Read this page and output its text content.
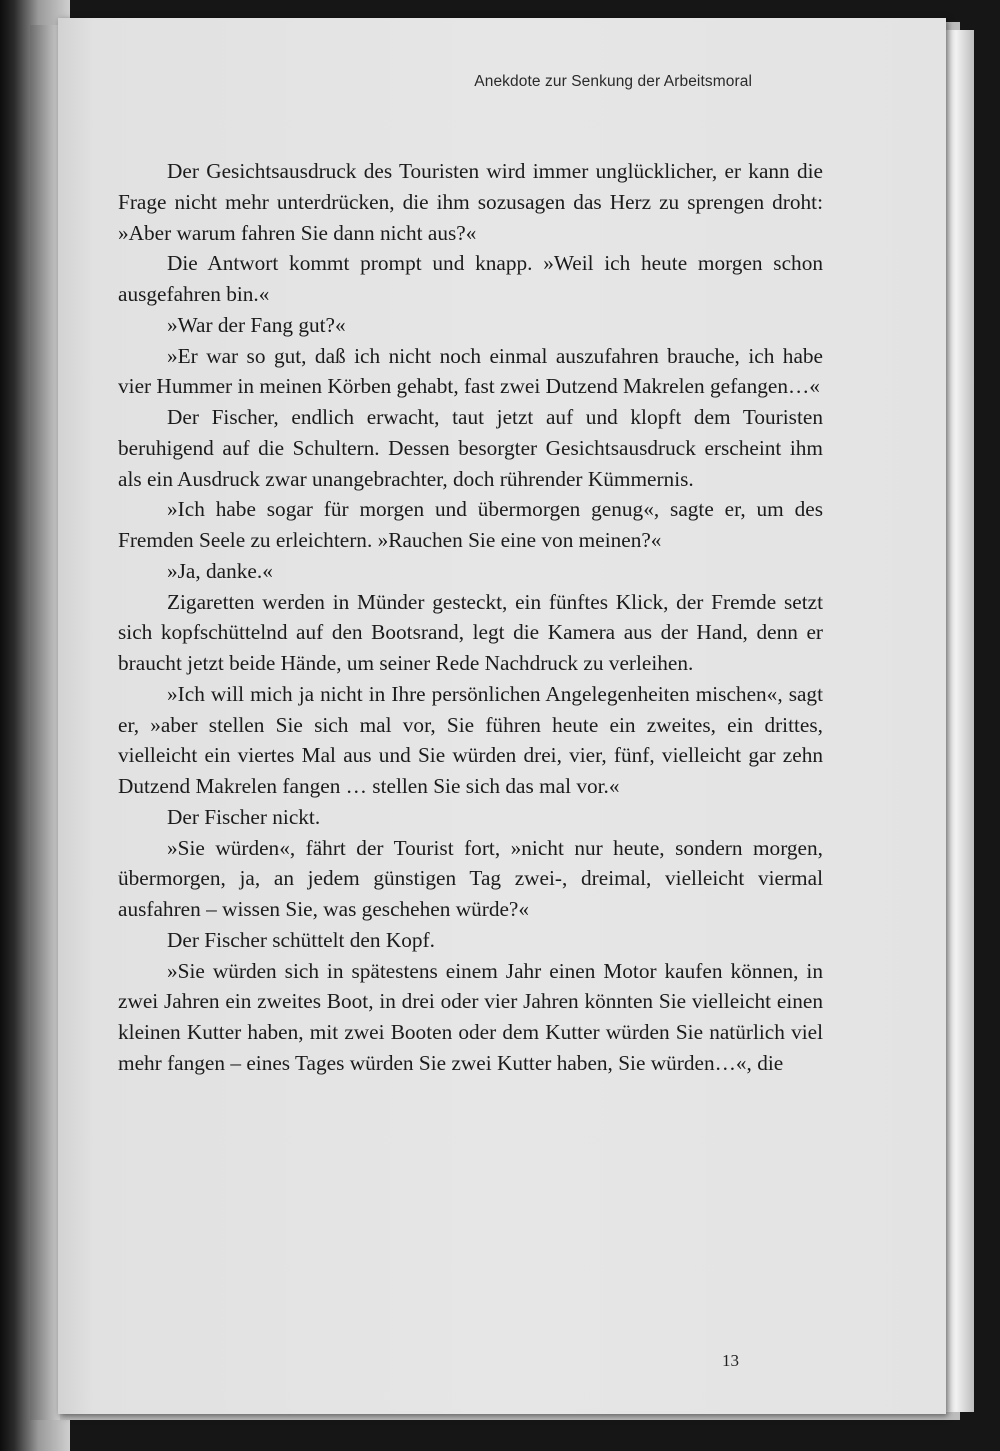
Anekdote zur Senkung der Arbeitsmoral

Der Gesichtsausdruck des Touristen wird immer unglücklicher, er kann die Frage nicht mehr unterdrücken, die ihm sozusagen das Herz zu sprengen droht: »Aber warum fahren Sie dann nicht aus?«

Die Antwort kommt prompt und knapp. »Weil ich heute morgen schon ausgefahren bin.«

»War der Fang gut?«

»Er war so gut, daß ich nicht noch einmal auszufahren brauche, ich habe vier Hummer in meinen Körben gehabt, fast zwei Dutzend Makrelen gefangen…«

Der Fischer, endlich erwacht, taut jetzt auf und klopft dem Touristen beruhigend auf die Schultern. Dessen besorgter Gesichtsausdruck erscheint ihm als ein Ausdruck zwar unangebrachter, doch rührender Kümmernis.

»Ich habe sogar für morgen und übermorgen genug«, sagte er, um des Fremden Seele zu erleichtern. »Rauchen Sie eine von meinen?«

»Ja, danke.«

Zigaretten werden in Münder gesteckt, ein fünftes Klick, der Fremde setzt sich kopfschüttelnd auf den Bootsrand, legt die Kamera aus der Hand, denn er braucht jetzt beide Hände, um seiner Rede Nachdruck zu verleihen.

»Ich will mich ja nicht in Ihre persönlichen Angelegenheiten mischen«, sagt er, »aber stellen Sie sich mal vor, Sie führen heute ein zweites, ein drittes, vielleicht ein viertes Mal aus und Sie würden drei, vier, fünf, vielleicht gar zehn Dutzend Makrelen fangen … stellen Sie sich das mal vor.«

Der Fischer nickt.

»Sie würden«, fährt der Tourist fort, »nicht nur heute, sondern morgen, übermorgen, ja, an jedem günstigen Tag zwei-, dreimal, vielleicht viermal ausfahren – wissen Sie, was geschehen würde?«

Der Fischer schüttelt den Kopf.

»Sie würden sich in spätestens einem Jahr einen Motor kaufen können, in zwei Jahren ein zweites Boot, in drei oder vier Jahren könnten Sie vielleicht einen kleinen Kutter haben, mit zwei Booten oder dem Kutter würden Sie natürlich viel mehr fangen – eines Tages würden Sie zwei Kutter haben, Sie würden…«, die

13
